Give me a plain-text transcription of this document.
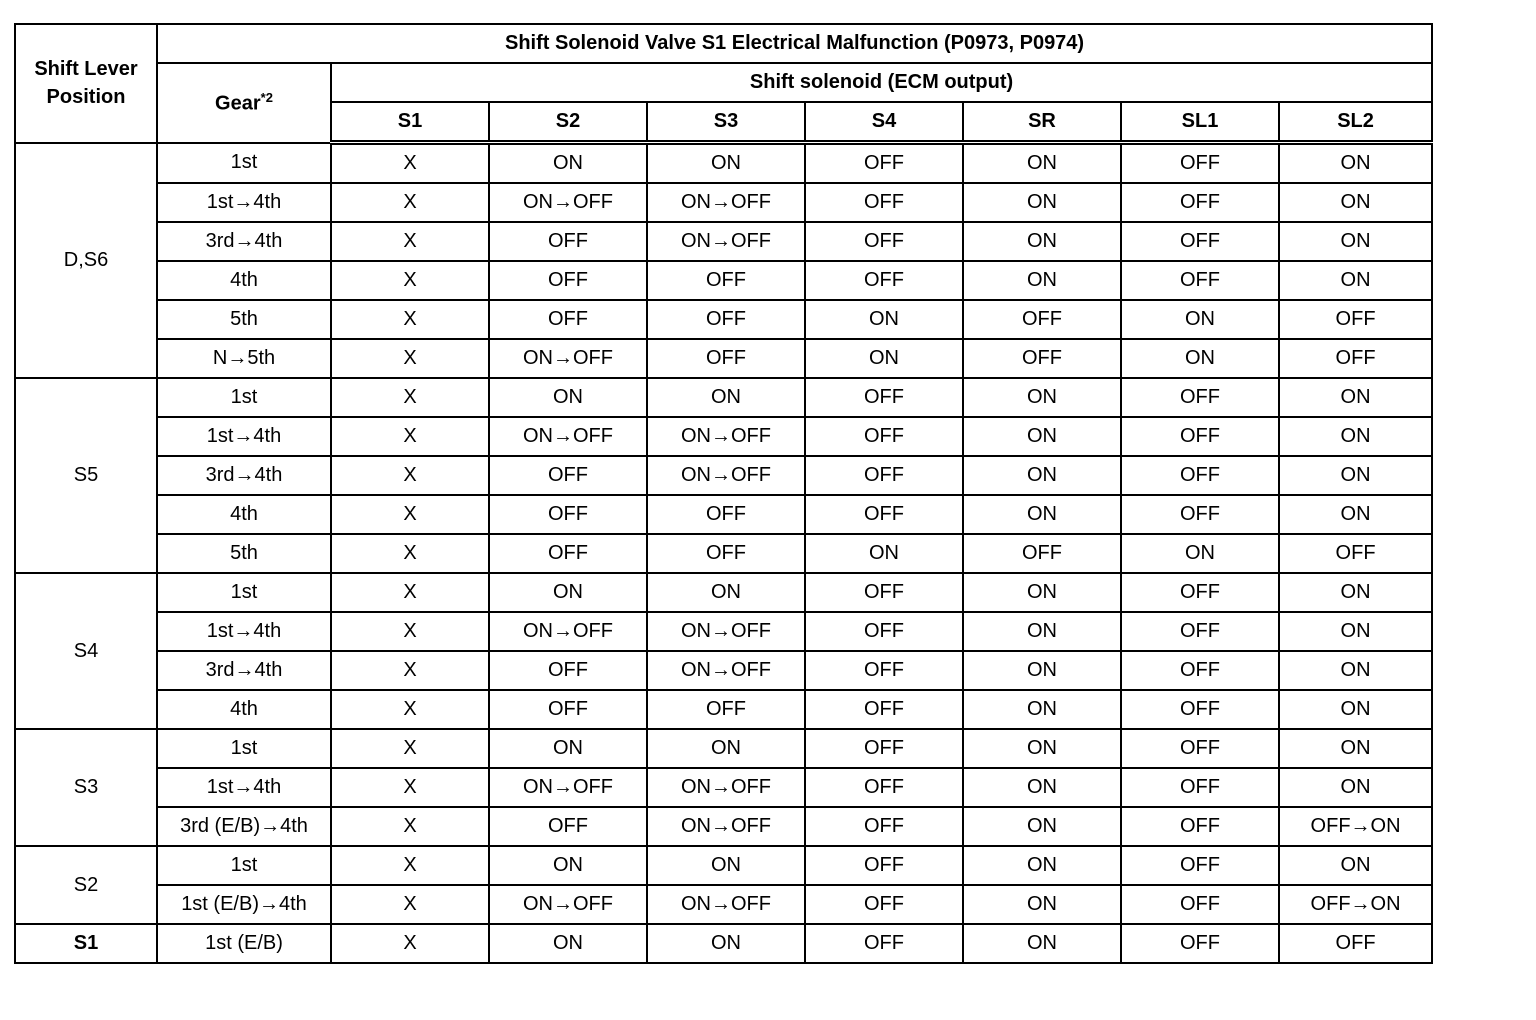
Shift Lever Position	Shift Solenoid Valve S1 Electrical Malfunction (P0973, P0974)							
	Gear$^{*2}$	Shift solenoid (ECM output)						
		S1	S2	S3	S4	SR	SL1	SL2
D,S6	1st	X	ON	ON	OFF	ON	OFF	ON
	1st→4th	X	ON→OFF	ON→OFF	OFF	ON	OFF	ON
	3rd→4th	X	OFF	ON→OFF	OFF	ON	OFF	ON
	4th	X	OFF	OFF	OFF	ON	OFF	ON
	5th	X	OFF	OFF	ON	OFF	ON	OFF
	N→5th	X	ON→OFF	OFF	ON	OFF	ON	OFF
S5	1st	X	ON	ON	OFF	ON	OFF	ON
	1st→4th	X	ON→OFF	ON→OFF	OFF	ON	OFF	ON
	3rd→4th	X	OFF	ON→OFF	OFF	ON	OFF	ON
	4th	X	OFF	OFF	OFF	ON	OFF	ON
	5th	X	OFF	OFF	ON	OFF	ON	OFF
S4	1st	X	ON	ON	OFF	ON	OFF	ON
	1st→4th	X	ON→OFF	ON→OFF	OFF	ON	OFF	ON
	3rd→4th	X	OFF	ON→OFF	OFF	ON	OFF	ON
	4th	X	OFF	OFF	OFF	ON	OFF	ON
S3	1st	X	ON	ON	OFF	ON	OFF	ON
	1st→4th	X	ON→OFF	ON→OFF	OFF	ON	OFF	ON
	3rd (E/B)→4th	X	OFF	ON→OFF	OFF	ON	OFF	OFF→ON
S2	1st	X	ON	ON	OFF	ON	OFF	ON
	1st (E/B)→4th	X	ON→OFF	ON→OFF	OFF	ON	OFF	OFF→ON
S1	1st (E/B)	X	ON	ON	OFF	ON	OFF	OFF
